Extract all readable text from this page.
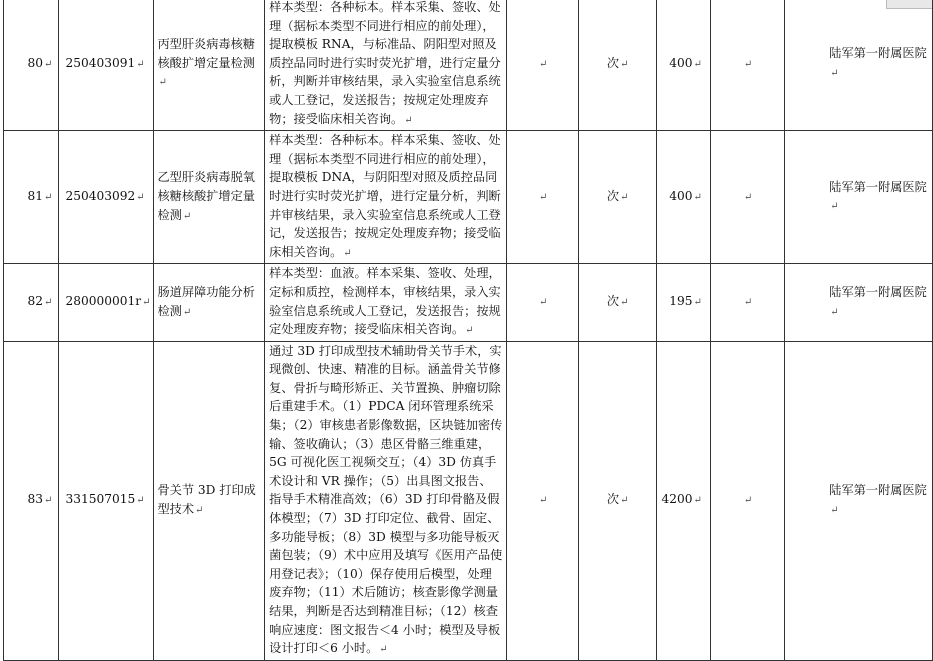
80↵	250403091↵	丙型肝炎病毒核糖核酸扩增定量检测↵	样本类型：各种标本。样本采集、签收、处理（据标本类型不同进行相应的前处理），提取模板 RNA，与标准品、阴阳型对照及质控品同时进行实时荧光扩增，进行定量分析，判断并审核结果，录入实验室信息系统或人工登记，发送报告；按规定处理废弃物；接受临床相关咨询。↵	↵	次↵	400↵	↵	陆军第一附属医院↵
81↵	250403092↵	乙型肝炎病毒脱氧核糖核酸扩增定量检测↵	样本类型：各种标本。样本采集、签收、处理（据标本类型不同进行相应的前处理），提取模板 DNA，与阴阳型对照及质控品同时进行实时荧光扩增，进行定量分析，判断并审核结果，录入实验室信息系统或人工登记，发送报告；按规定处理废弃物；接受临床相关咨询。↵	↵	次↵	400↵	↵	陆军第一附属医院↵
82↵	280000001r↵	肠道屏障功能分析检测↵	样本类型：血液。样本采集、签收、处理，定标和质控，检测样本，审核结果，录入实验室信息系统或人工登记，发送报告；按规定处理废弃物；接受临床相关咨询。↵	↵	次↵	195↵	↵	陆军第一附属医院↵
83↵	331507015↵	骨关节 3D 打印成型技术↵	通过 3D 打印成型技术辅助骨关节手术，实现微创、快速、精准的目标。涵盖骨关节修复、骨折与畸形矫正、关节置换、肿瘤切除后重建手术。（1）PDCA 闭环管理系统采集；（2）审核患者影像数据，区块链加密传输、签收确认；（3）患区骨骼三维重建，5G 可视化医工视频交互；（4）3D 仿真手术设计和 VR 操作；（5）出具图文报告、指导手术精准高效；（6）3D 打印骨骼及假体模型；（7）3D 打印定位、截骨、固定、多功能导板；（8）3D 模型与多功能导板灭菌包装；（9）术中应用及填写《医用产品使用登记表》；（10）保存使用后模型，处理废弃物；（11）术后随访；核查影像学测量结果，判断是否达到精准目标；（12）核查响应速度：图文报告＜4 小时；模型及导板设计打印＜6 小时。↵	↵	次↵	4200↵	↵	陆军第一附属医院↵
